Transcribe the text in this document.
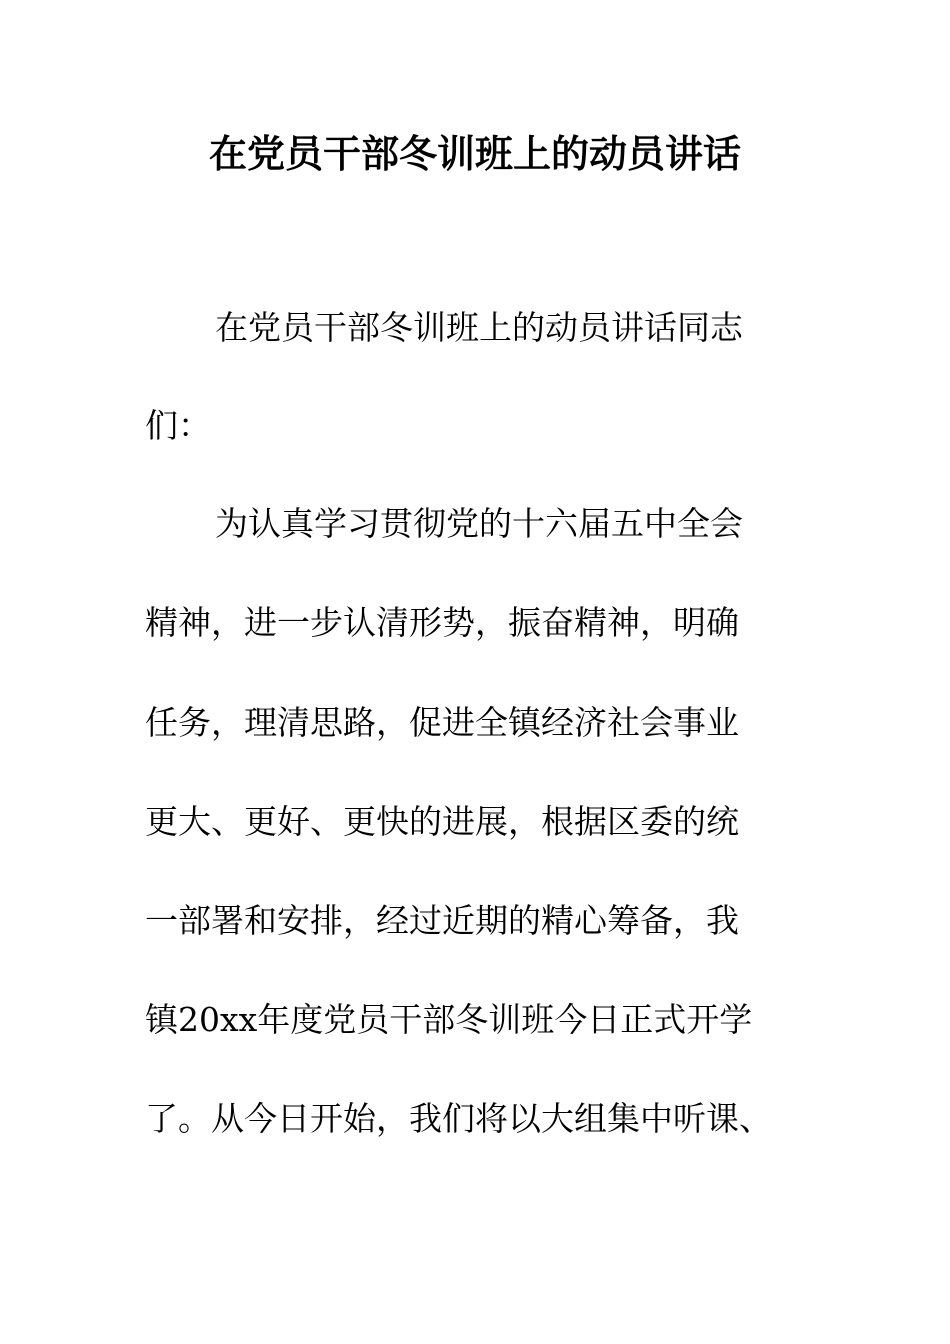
在党员干部冬训班上的动员讲话
在党员干部冬训班上的动员讲话同志
们：
为认真学习贯彻党的十六届五中全会
精神，进一步认清形势，振奋精神，明确
任务，理清思路，促进全镇经济社会事业
更大、更好、更快的进展，根据区委的统
一部署和安排，经过近期的精心筹备，我
镇20xx年度党员干部冬训班今日正式开学
了。从今日开始，我们将以大组集中听课、
